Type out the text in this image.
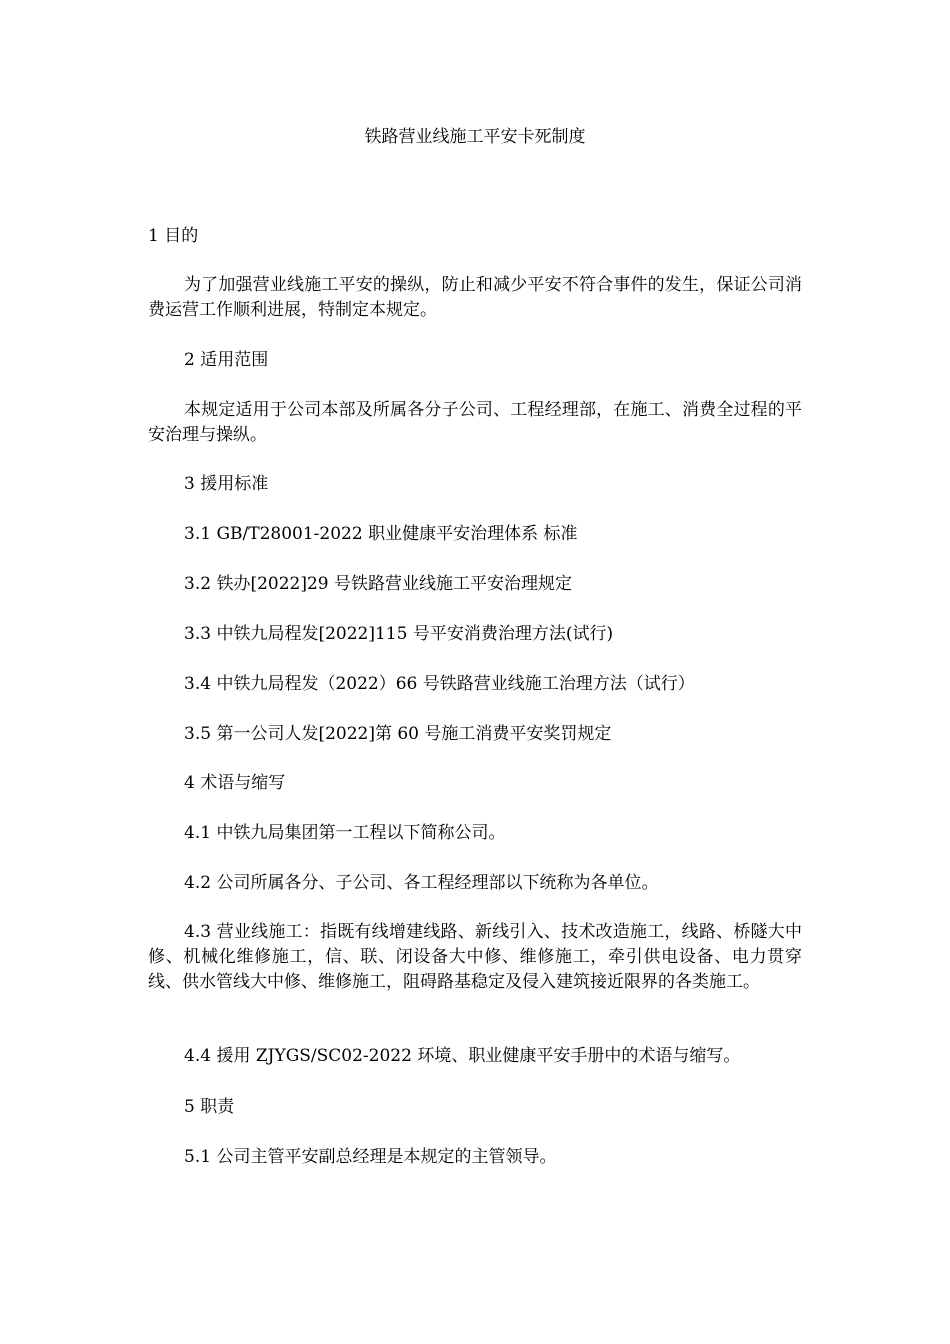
铁路营业线施工平安卡死制度

1 目的

为了加强营业线施工平安的操纵，防止和减少平安不符合事件的发生，保证公司消费运营工作顺利进展，特制定本规定。

2 适用范围

本规定适用于公司本部及所属各分子公司、工程经理部，在施工、消费全过程的平安治理与操纵。

3 援用标准

3.1 GB/T28001-2022 职业健康平安治理体系 标准

3.2 铁办[2022]29 号铁路营业线施工平安治理规定

3.3 中铁九局程发[2022]115 号平安消费治理方法(试行)

3.4 中铁九局程发（2022）66 号铁路营业线施工治理方法（试行）

3.5 第一公司人发[2022]第 60 号施工消费平安奖罚规定

4 术语与缩写

4.1 中铁九局集团第一工程以下简称公司。

4.2 公司所属各分、子公司、各工程经理部以下统称为各单位。

4.3 营业线施工：指既有线增建线路、新线引入、技术改造施工，线路、桥隧大中修、机械化维修施工，信、联、闭设备大中修、维修施工，牵引供电设备、电力贯穿线、供水管线大中修、维修施工，阻碍路基稳定及侵入建筑接近限界的各类施工。

4.4 援用 ZJYGS/SC02-2022 环境、职业健康平安手册中的术语与缩写。

5 职责

5.1 公司主管平安副总经理是本规定的主管领导。
